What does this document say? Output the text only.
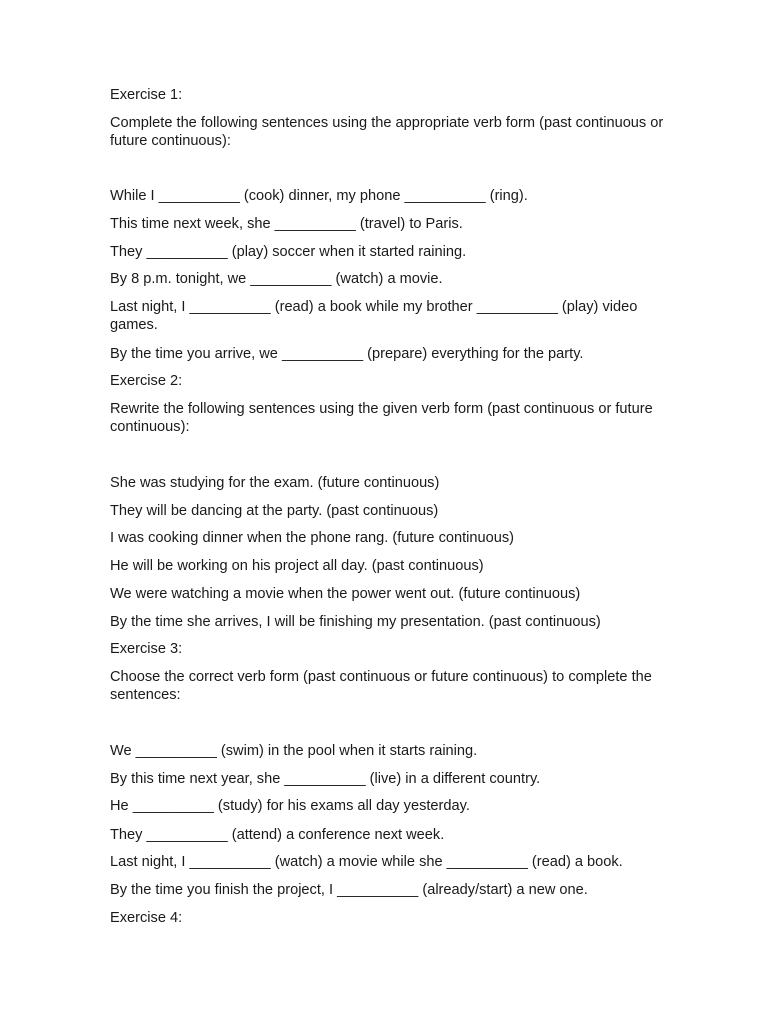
Exercise 1:
Complete the following sentences using the appropriate verb form (past continuous or future continuous):
While I __________ (cook) dinner, my phone __________ (ring).
This time next week, she __________ (travel) to Paris.
They __________ (play) soccer when it started raining.
By 8 p.m. tonight, we __________ (watch) a movie.
Last night, I __________ (read) a book while my brother __________ (play) video games.
By the time you arrive, we __________ (prepare) everything for the party.
Exercise 2:
Rewrite the following sentences using the given verb form (past continuous or future continuous):
She was studying for the exam. (future continuous)
They will be dancing at the party. (past continuous)
I was cooking dinner when the phone rang. (future continuous)
He will be working on his project all day. (past continuous)
We were watching a movie when the power went out. (future continuous)
By the time she arrives, I will be finishing my presentation. (past continuous)
Exercise 3:
Choose the correct verb form (past continuous or future continuous) to complete the sentences:
We __________ (swim) in the pool when it starts raining.
By this time next year, she __________ (live) in a different country.
He __________ (study) for his exams all day yesterday.
They __________ (attend) a conference next week.
Last night, I __________ (watch) a movie while she __________ (read) a book.
By the time you finish the project, I __________ (already/start) a new one.
Exercise 4:
